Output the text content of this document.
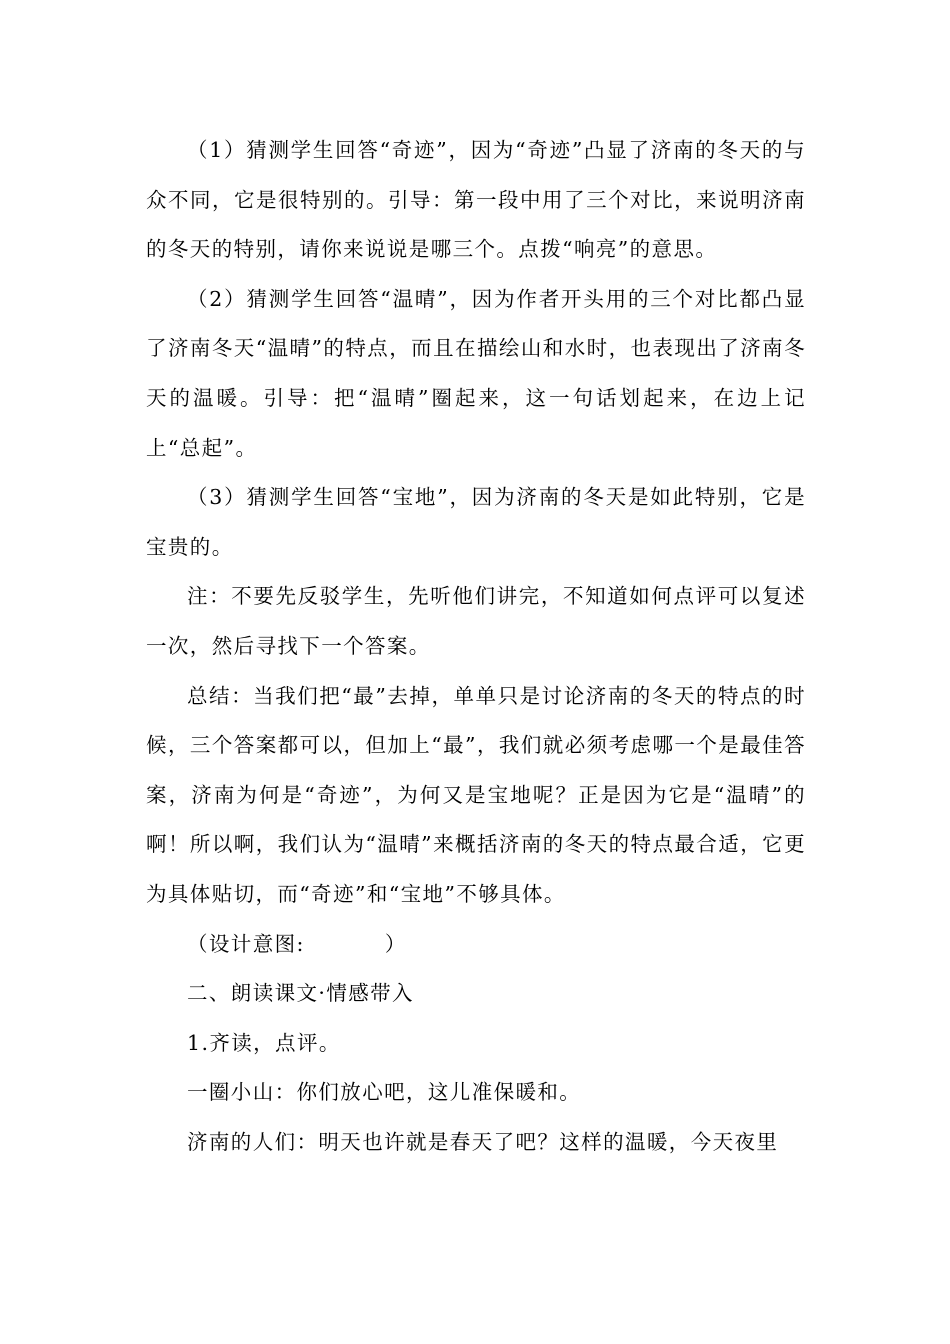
（1）猜测学生回答“奇迹”，因为“奇迹”凸显了济南的冬天的与众不同，它是很特别的。引导：第一段中用了三个对比，来说明济南的冬天的特别，请你来说说是哪三个。点拨“响亮”的意思。

（2）猜测学生回答“温晴”，因为作者开头用的三个对比都凸显了济南冬天“温晴”的特点，而且在描绘山和水时，也表现出了济南冬天的温暖。引导：把“温晴”圈起来，这一句话划起来，在边上记上“总起”。

（3）猜测学生回答“宝地”，因为济南的冬天是如此特别，它是宝贵的。

注：不要先反驳学生，先听他们讲完，不知道如何点评可以复述一次，然后寻找下一个答案。

总结：当我们把“最”去掉，单单只是讨论济南的冬天的特点的时候，三个答案都可以，但加上“最”，我们就必须考虑哪一个是最佳答案，济南为何是“奇迹”，为何又是宝地呢？正是因为它是“温晴”的啊！所以啊，我们认为“温晴”来概括济南的冬天的特点最合适，它更为具体贴切，而“奇迹”和“宝地”不够具体。

（设计意图:	）

二、朗读课文·情感带入

1.齐读，点评。

一圈小山：你们放心吧，这儿准保暖和。

济南的人们：明天也许就是春天了吧？这样的温暖，今天夜里
